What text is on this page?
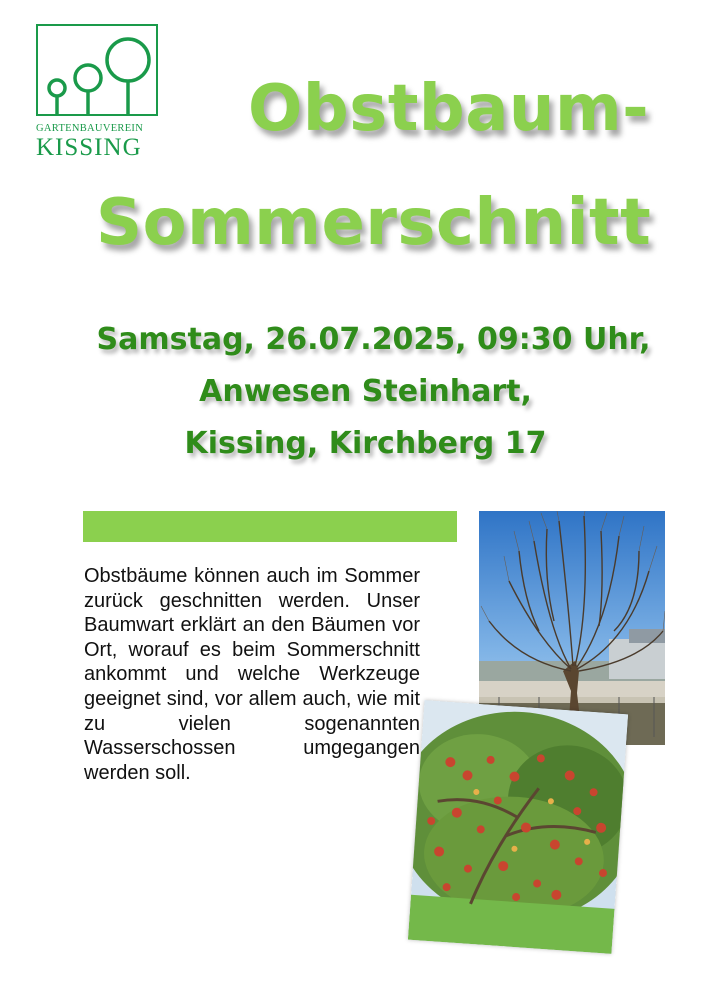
GARTENBAUVEREIN
KISSING
Obstbaum-
Sommerschnitt
Samstag, 26.07.2025, 09:30 Uhr,
Anwesen Steinhart,
Kissing, Kirchberg 17
Obstbäume können auch im Sommer zurück geschnitten werden. Unser Baumwart erklärt an den Bäumen vor Ort, worauf es beim Sommerschnitt ankommt und welche Werkzeuge geeignet sind, vor allem auch, wie mit zu vielen sogenannten Wasserschossen umgegangen werden soll.
